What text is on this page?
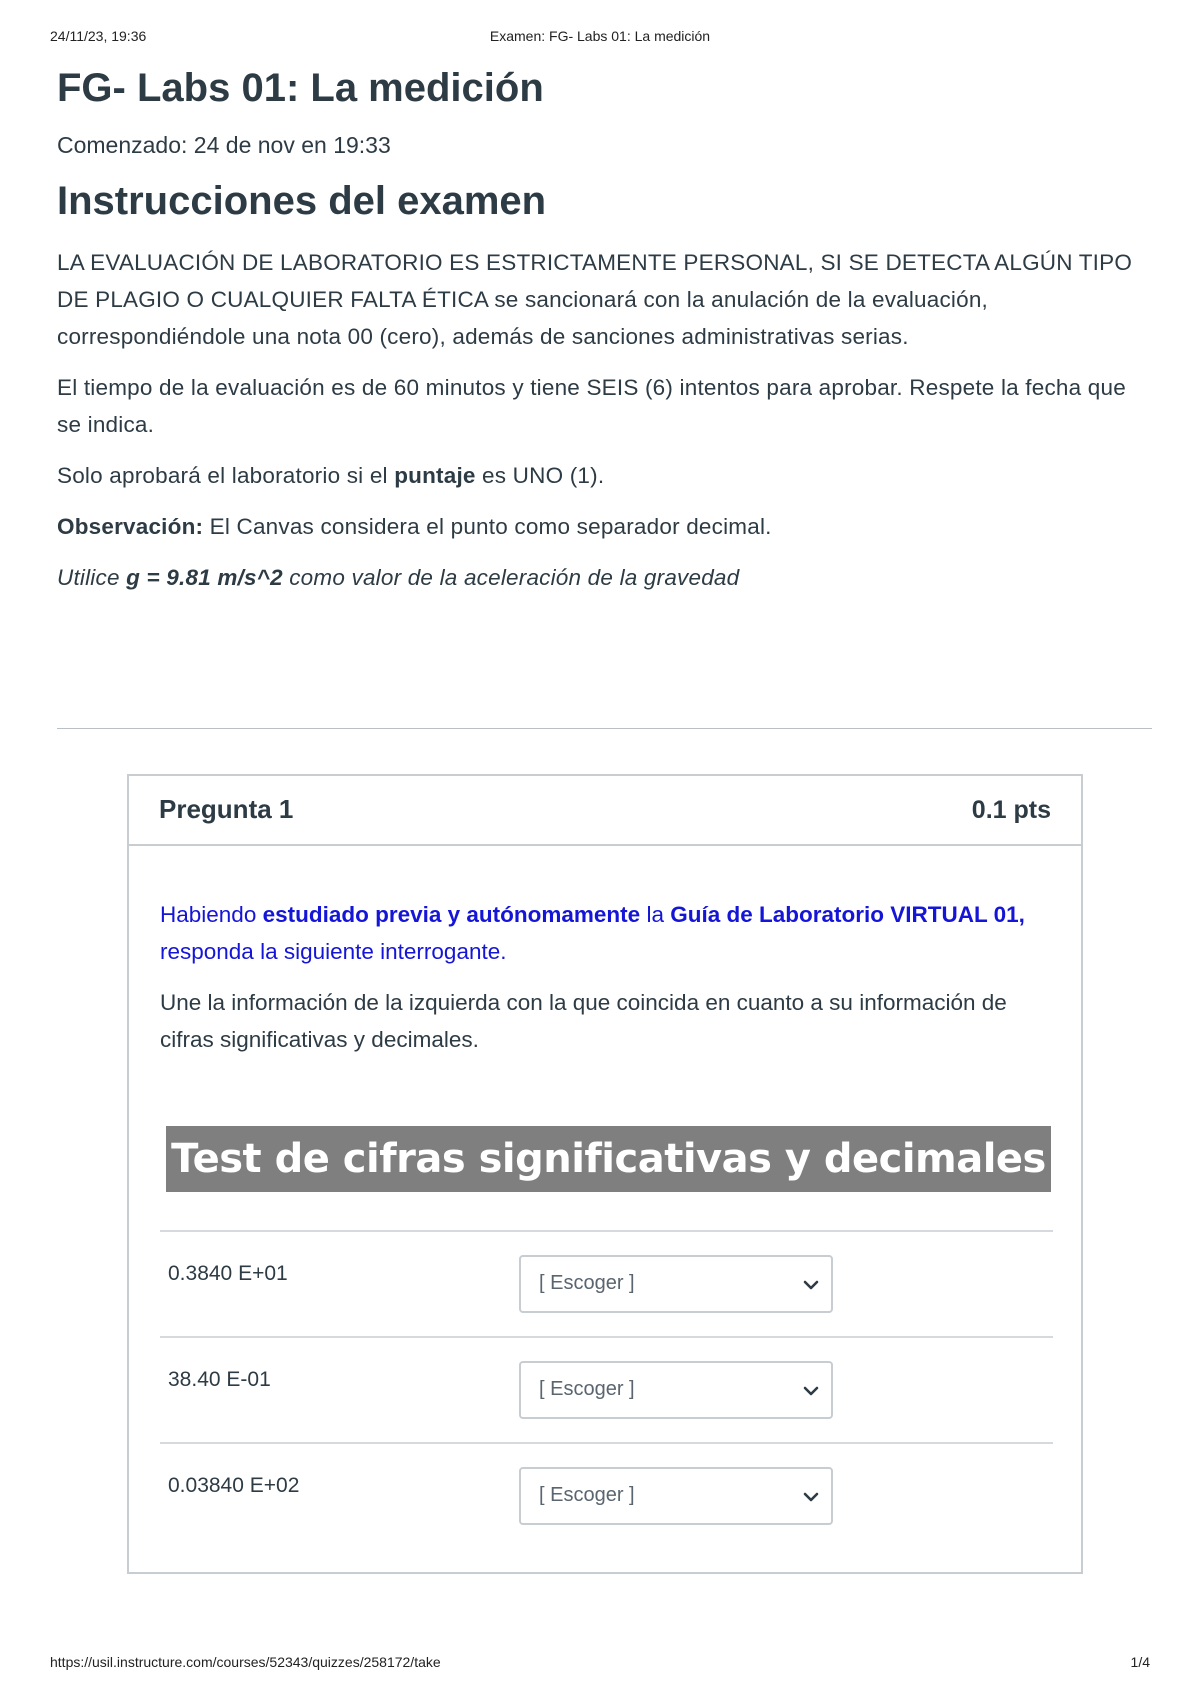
24/11/23, 19:36	Examen: FG- Labs 01: La medición
FG- Labs 01: La medición
Comenzado: 24 de nov en 19:33
Instrucciones del examen

LA EVALUACIÓN DE LABORATORIO ES ESTRICTAMENTE PERSONAL, SI SE DETECTA ALGÚN TIPO DE PLAGIO O CUALQUIER FALTA ÉTICA se sancionará con la anulación de la evaluación, correspondiéndole una nota 00 (cero), además de sanciones administrativas serias.

El tiempo de la evaluación es de 60 minutos y tiene SEIS (6) intentos para aprobar. Respete la fecha que se indica.

Solo aprobará el laboratorio si el puntaje es UNO (1).

Observación: El Canvas considera el punto como separador decimal.

Utilice g = 9.81 m/s^2 como valor de la aceleración de la gravedad

Pregunta 1	0.1 pts

Habiendo estudiado previa y autónomamente la Guía de Laboratorio VIRTUAL 01, responda la siguiente interrogante.

Une la información de la izquierda con la que coincida en cuanto a su información de cifras significativas y decimales.

Test de cifras significativas y decimales
0.3840 E+01	[ Escoger ]
38.40 E-01	[ Escoger ]
0.03840 E+02	[ Escoger ]
https://usil.instructure.com/courses/52343/quizzes/258172/take	1/4
